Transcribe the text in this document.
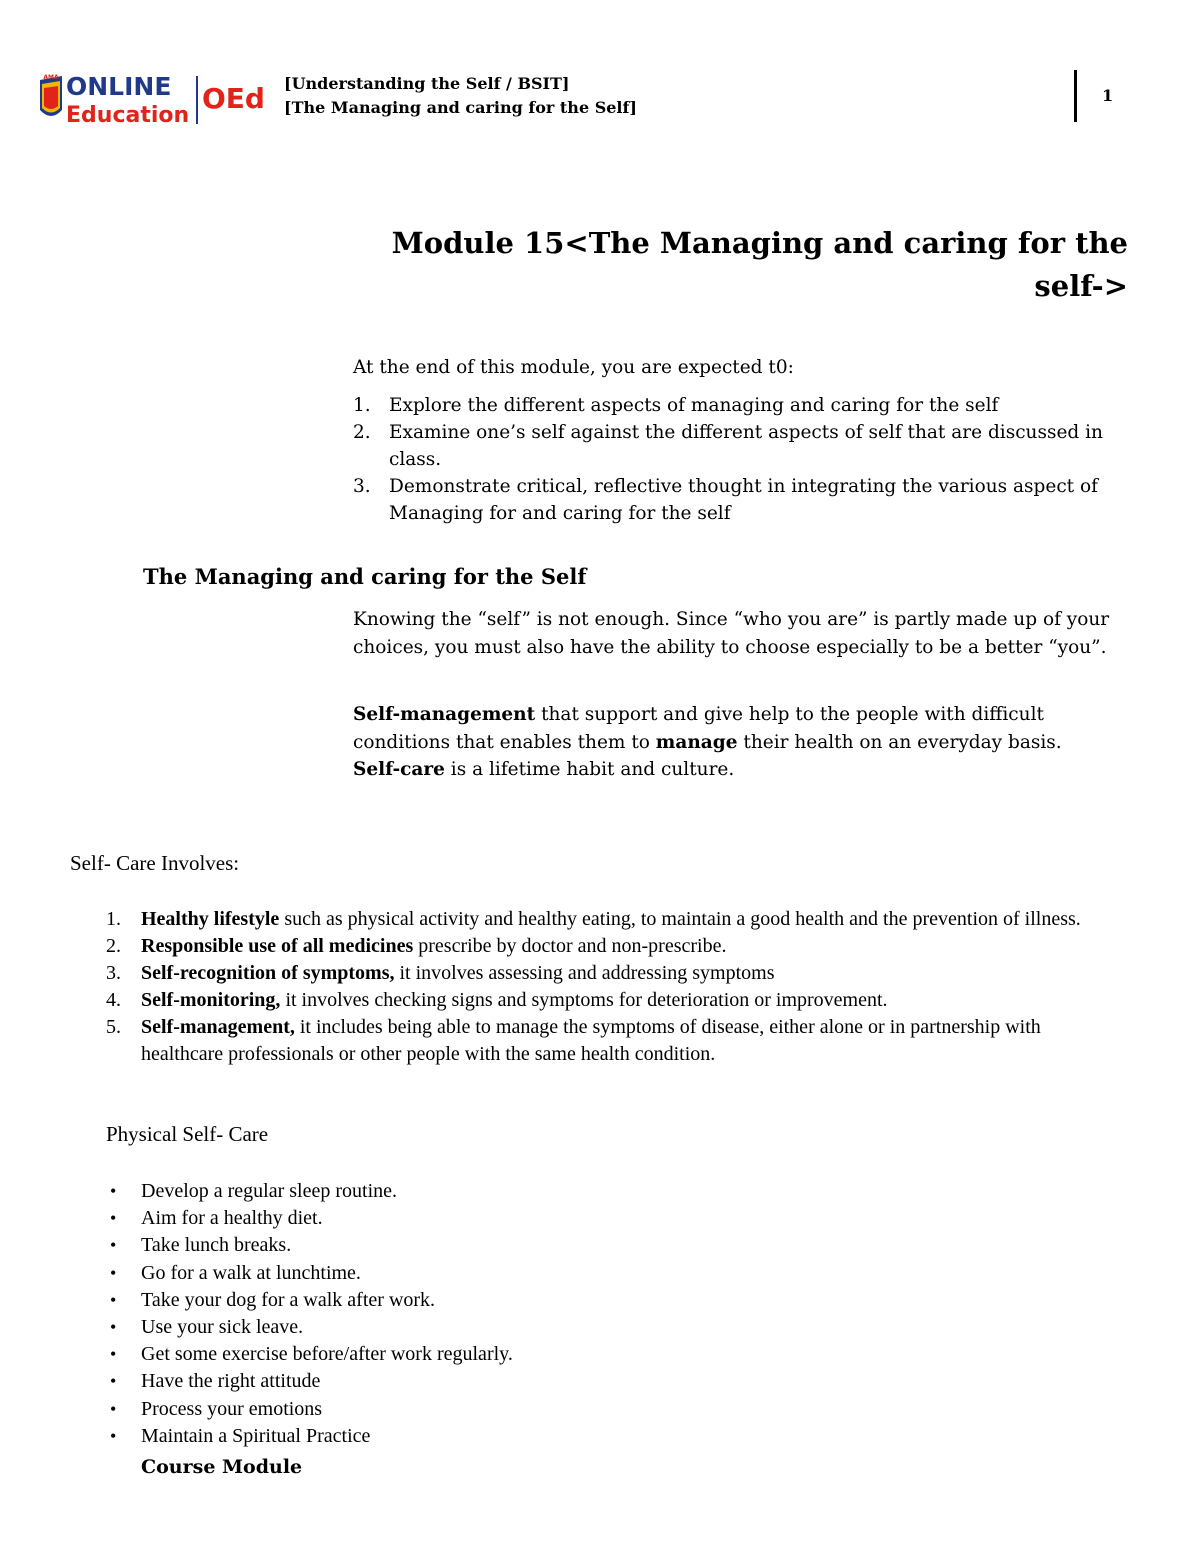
AMA ONLINE
Education
OEd [Understanding the Self / BSIT]
[The Managing and caring for the Self]
1
Module 15<The Managing and caring for the
self->

At the end of this module, you are expected t0:

1. Explore the different aspects of managing and caring for the self
2. Examine one’s self against the different aspects of self that are discussed in class.
3. Demonstrate critical, reflective thought in integrating the various aspect of Managing for and caring for the self
The Managing and caring for the Self
Knowing the “self” is not enough. Since “who you are” is partly made up of your choices, you must also have the ability to choose especially to be a better “you”.
Self-management that support and give help to the people with difficult conditions that enables them to manage their health on an everyday basis.
Self-care is a lifetime habit and culture.
Self- Care Involves:
1. Healthy lifestyle such as physical activity and healthy eating, to maintain a good health and the prevention of illness.
2. Responsible use of all medicines prescribe by doctor and non-prescribe.
3. Self-recognition of symptoms, it involves assessing and addressing symptoms
4. Self-monitoring, it involves checking signs and symptoms for deterioration or improvement.
5. Self-management, it includes being able to manage the symptoms of disease, either alone or in partnership with healthcare professionals or other people with the same health condition.
Physical Self- Care
• Develop a regular sleep routine.
• Aim for a healthy diet.
• Take lunch breaks.
• Go for a walk at lunchtime.
• Take your dog for a walk after work.
• Use your sick leave.
• Get some exercise before/after work regularly.
• Have the right attitude
• Process your emotions
• Maintain a Spiritual Practice
Course Module
